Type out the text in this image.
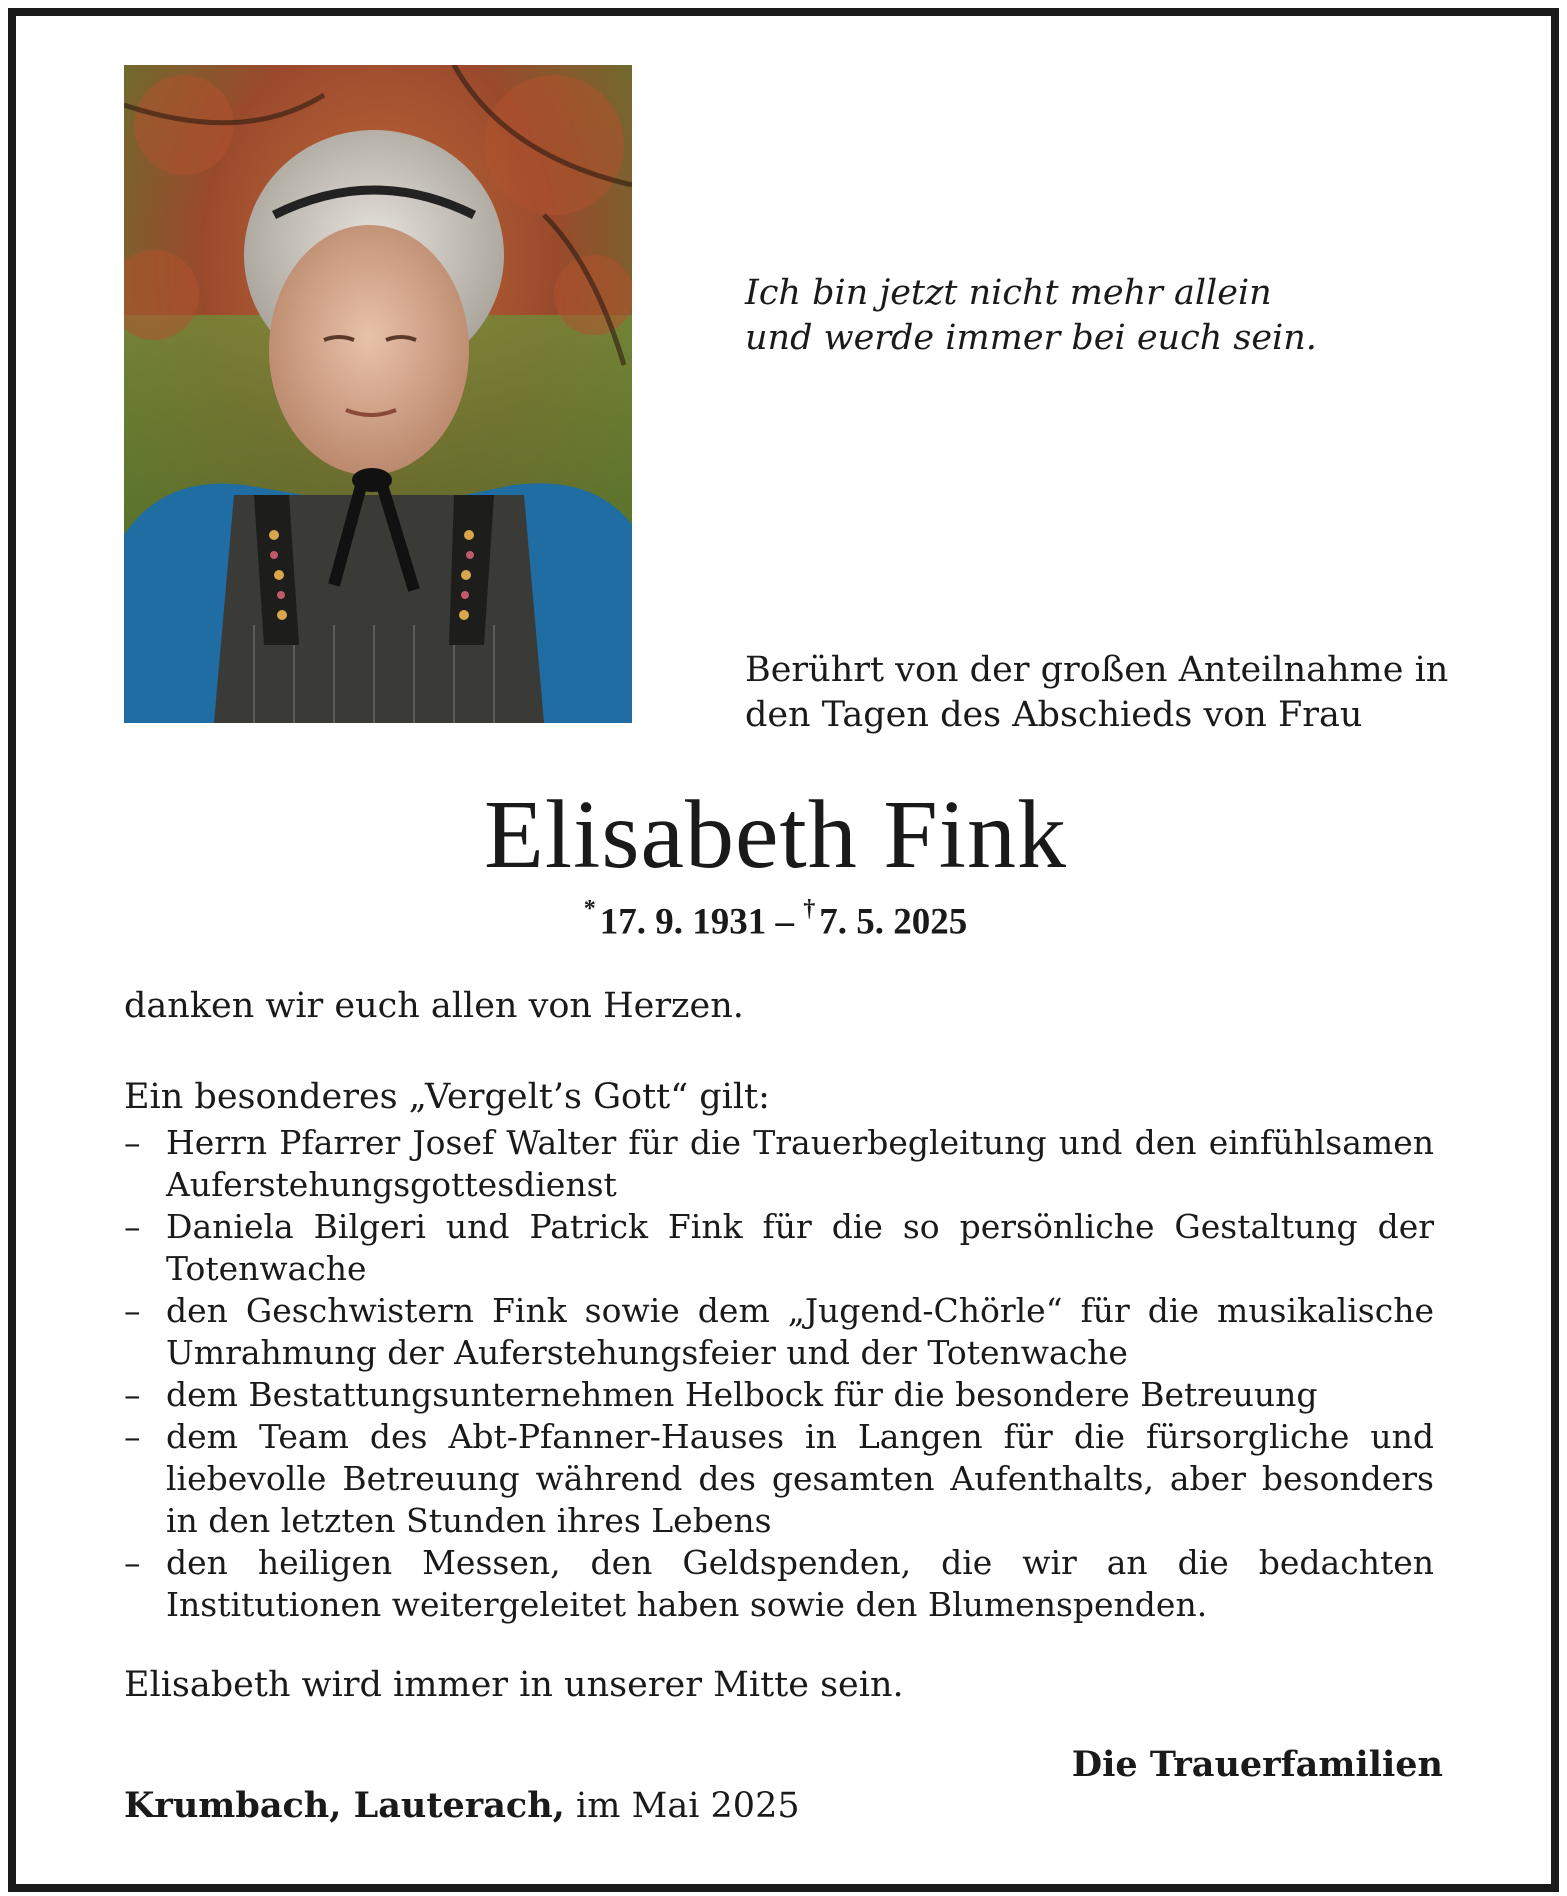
Ich bin jetzt nicht mehr allein
und werde immer bei euch sein.
Berührt von der großen Anteilnahme in
den Tagen des Abschieds von Frau
Elisabeth Fink
* 17. 9. 1931 – † 7. 5. 2025
danken wir euch allen von Herzen.
Ein besonderes „Vergelt’s Gott“ gilt:
– Herrn Pfarrer Josef Walter für die Trauerbegleitung und den einfühlsamen Auferstehungsgottesdienst
– Daniela Bilgeri und Patrick Fink für die so persönliche Gestaltung der Totenwache
– den Geschwistern Fink sowie dem „Jugend-Chörle“ für die musikalische Umrahmung der Auferstehungsfeier und der Totenwache
– dem Bestattungsunternehmen Helbock für die besondere Betreuung
– dem Team des Abt-Pfanner-Hauses in Langen für die fürsorgliche und liebevolle Betreuung während des gesamten Aufenthalts, aber besonders in den letzten Stunden ihres Lebens
– den heiligen Messen, den Geldspenden, die wir an die bedachten Institutionen weitergeleitet haben sowie den Blumenspenden.
Elisabeth wird immer in unserer Mitte sein.
Die Trauerfamilien
Krumbach, Lauterach, im Mai 2025
